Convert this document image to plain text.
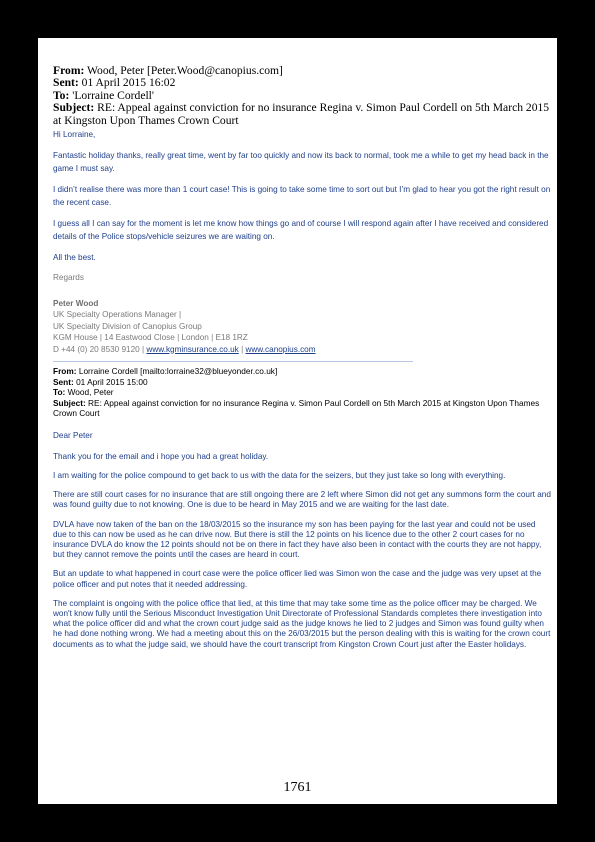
From: Wood, Peter [Peter.Wood@canopius.com]
Sent: 01 April 2015 16:02
To: 'Lorraine Cordell'
Subject: RE: Appeal against conviction for no insurance Regina v. Simon Paul Cordell on 5th March 2015 at Kingston Upon Thames Crown Court

Hi Lorraine,

Fantastic holiday thanks, really great time, went by far too quickly and now its back to normal, took me a while to get my head back in the game I must say.

I didn’t realise there was more than 1 court case! This is going to take some time to sort out but I’m glad to hear you got the right result on the recent case.

I guess all I can say for the moment is let me know how things go and of course I will respond again after I have received and considered details of the Police stops/vehicle seizures we are waiting on.

All the best.

Regards
Peter Wood
UK Specialty Operations Manager |
UK Specialty Division of Canopius Group
KGM House | 14 Eastwood Close | London | E18 1RZ
D +44 (0) 20 8530 9120 | www.kgminsurance.co.uk | www.canopius.com
From: Lorraine Cordell [mailto:lorraine32@blueyonder.co.uk]
Sent: 01 April 2015 15:00
To: Wood, Peter
Subject: RE: Appeal against conviction for no insurance Regina v. Simon Paul Cordell on 5th March 2015 at Kingston Upon Thames Crown Court

Dear Peter

Thank you for the email and i hope you had a great holiday.

I am waiting for the police compound to get back to us with the data for the seizers, but they just take so long with everything.

There are still court cases for no insurance that are still ongoing there are 2 left where Simon did not get any summons form the court and was found guilty due to not knowing. One is due to be heard in May 2015 and we are waiting for the last date.

DVLA have now taken of the ban on the 18/03/2015 so the insurance my son has been paying for the last year and could not be used due to this can now be used as he can drive now. But there is still the 12 points on his licence due to the other 2 court cases for no insurance DVLA do know the 12 points should not be on there in fact they have also been in contact with the courts they are not happy, but they cannot remove the points until the cases are heard in court.

But an update to what happened in court case were the police officer lied was Simon won the case and the judge was very upset at the police officer and put notes that it needed addressing.

The complaint is ongoing with the police office that lied, at this time that may take some time as the police officer may be charged. We won't know fully until the Serious Misconduct Investigation Unit Directorate of Professional Standards completes there investigation into what the police officer did and what the crown court judge said as the judge knows he lied to 2 judges and Simon was found guilty when he had done nothing wrong. We had a meeting about this on the 26/03/2015 but the person dealing with this is waiting for the crown court documents as to what the judge said, we should have the court transcript from Kingston Crown Court just after the Easter holidays.

1761
